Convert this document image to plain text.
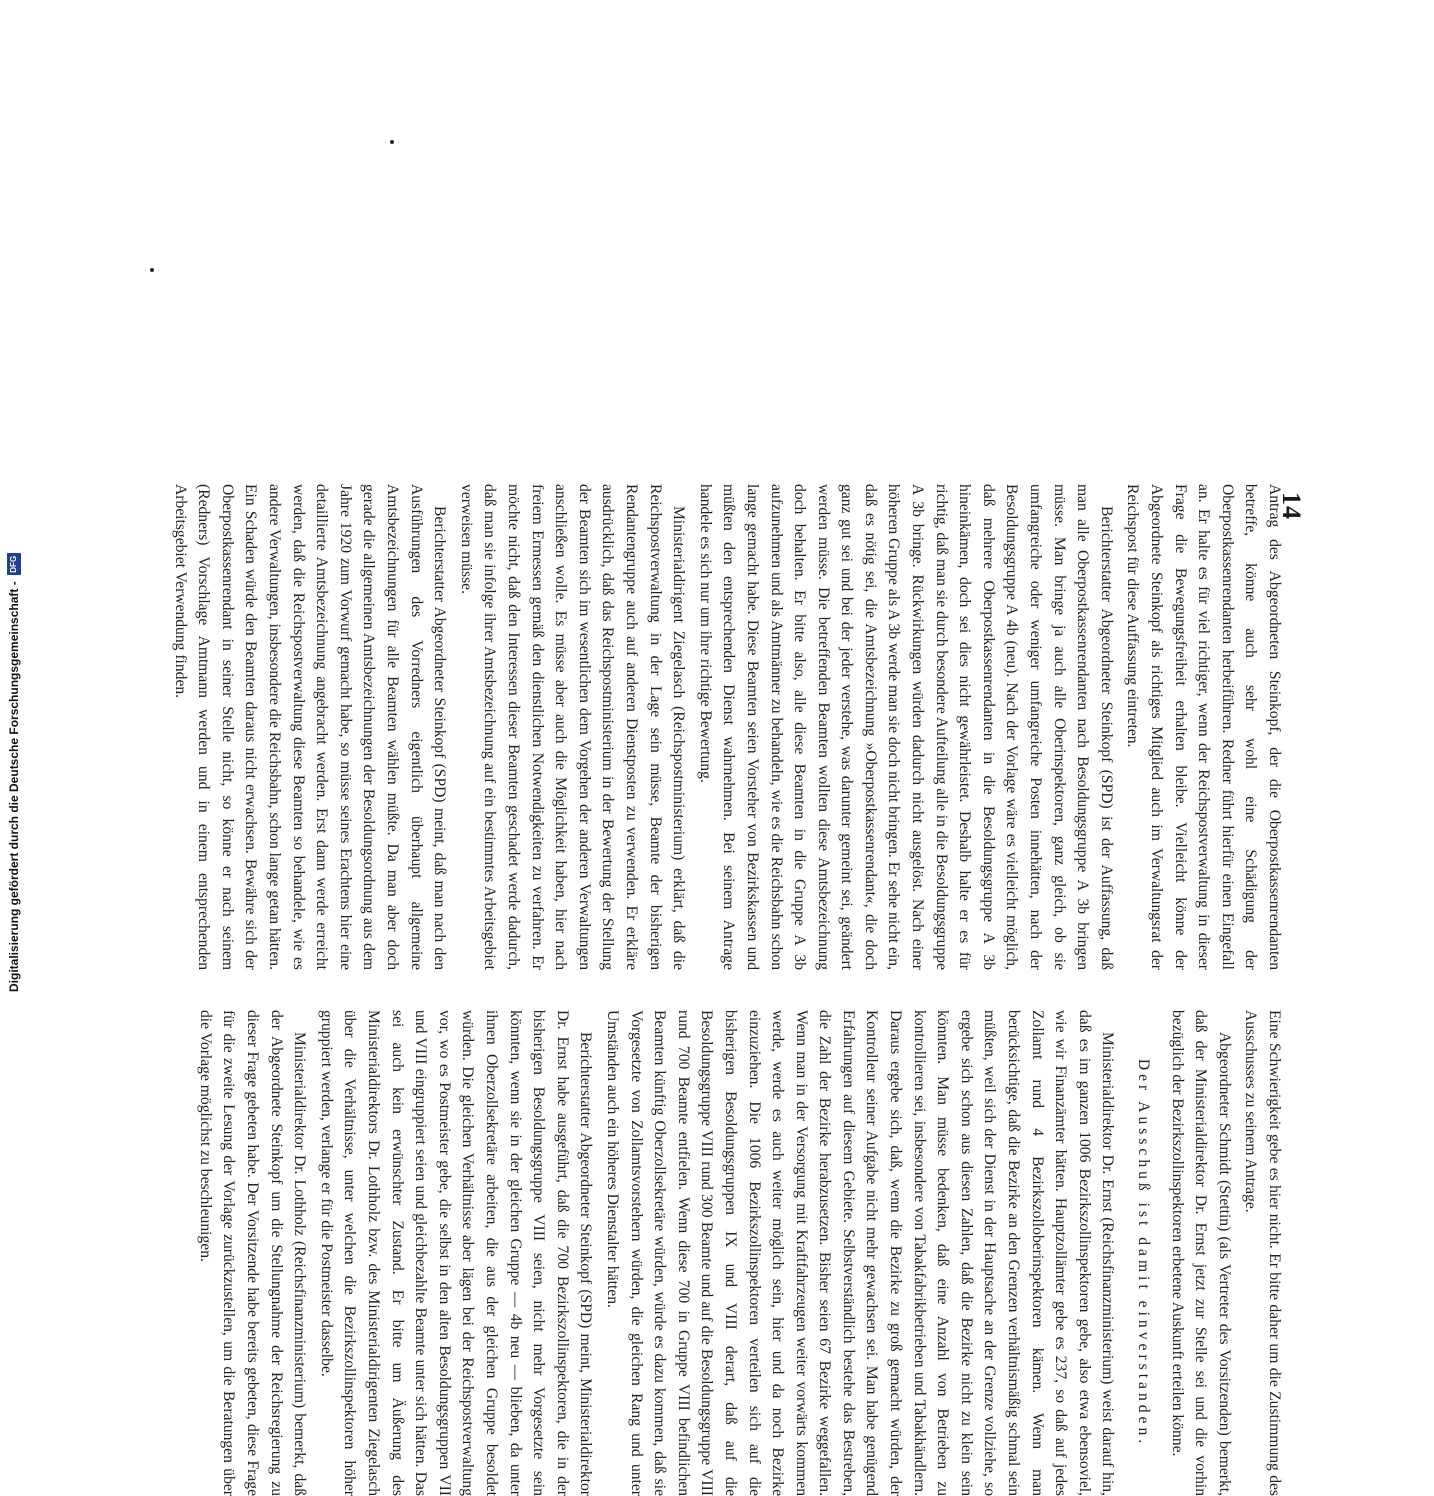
14

Antrag des Abgeordneten Steinkopf, der die Oberpostkassenrendanten betreffe, könne auch sehr wohl eine Schädigung der Oberpostkassenrendanten herbeiführen. Redner führt hierfür einen Eingefall an. Er halte es für viel richtiger, wenn der Reichspostverwaltung in dieser Frage die Bewegungsfreiheit erhalten bleibe. Vielleicht könne der Abgeordnete Steinkopf als richtiges Mitglied auch im Verwaltungsrat der Reichspost für diese Auffassung eintreten.

Berichterstatter Abgeordneter Steinkopf (SPD) ist der Auffassung, daß man alle Oberpostkassenrendanten nach Besoldungsgruppe A 3b bringen müsse. Man bringe ja auch alle Oberinspektoren, ganz gleich, ob sie umfangreiche oder weniger umfangreiche Posten innehätten, nach der Besoldungsgruppe A 4b (neu). Nach der Vorlage wäre es vielleicht möglich, daß mehrere Oberpostkassenrendanten in die Besoldungsgruppe A 3b hineinkämen, doch sei dies nicht gewährleistet. Deshalb halte er es für richtig, daß man sie durch besondere Aufteilung alle in die Besoldungsgruppe A 3b bringe. Rückwirkungen würden dadurch nicht ausgelöst. Nach einer höheren Gruppe als A 3b werde man sie doch nicht bringen. Er sehe nicht ein, daß es nötig sei, die Amtsbezeichnung »Oberpostkassenrendant«, die doch ganz gut sei und bei der jeder verstehe, was darunter gemeint sei, geändert werden müsse. Die betreffenden Beamten wollten diese Amtsbezeichnung doch behalten. Er bitte also, alle diese Beamten in die Gruppe A 3b aufzunehmen und als Amtmänner zu behandeln, wie es die Reichsbahn schon lange gemacht habe. Diese Beamten seien Vorsteher von Bezirkskassen und müßten den entsprechenden Dienst wahrnehmen. Bei seinem Antrage handele es sich nur um ihre richtige Bewertung.

Ministerialdirigent Ziegelasch (Reichspostministerium) erklärt, daß die Reichspostverwaltung in der Lage sein müsse, Beamte der bisherigen Rendantengruppe auch auf anderen Dienstposten zu verwenden. Er erkläre ausdrücklich, daß das Reichspostministerium in der Bewertung der Stellung der Beamten sich im wesentlichen dem Vorgehen der anderen Verwaltungen anschließen wolle. Es müsse aber auch die Möglichkeit haben, hier nach freiem Ermessen gemäß den dienstlichen Notwendigkeiten zu verfahren. Er möchte nicht, daß den Interessen dieser Beamten geschadet werde dadurch, daß man sie infolge ihrer Amtsbezeichnung auf ein bestimmtes Arbeitsgebiet verweisen müsse.

Berichterstatter Abgeordneter Steinkopf (SPD) meint, daß man nach den Ausführungen des Vorredners eigentlich überhaupt allgemeine Amtsbezeichnungen für alle Beamten wählen müßte. Da man aber doch gerade die allgemeinen Amtsbezeichnungen der Besoldungsordnung aus dem Jahre 1920 zum Vorwurf gemacht habe, so müsse seines Erachtens hier eine detaillierte Amtsbezeichnung angebracht werden. Erst dann werde erreicht werden, daß die Reichspostverwaltung diese Beamten so behandele, wie es andere Verwaltungen, insbesondere die Reichsbahn, schon lange getan hätten. Ein Schaden würde den Beamten daraus nicht erwachsen. Bewähre sich der Oberpostkassenrendant in seiner Stelle nicht, so könne er nach seinem (Redners) Vorschlage Amtmann werden und in einem entsprechenden Arbeitsgebiet Verwendung finden.

Eine Schwierigkeit gebe es hier nicht. Er bitte daher um die Zustimmung des Ausschusses zu seinem Antrage.

Abgeordneter Schmidt (Stettin) (als Vertreter des Vorsitzenden) bemerkt, daß der Ministerialdirektor Dr. Ernst jetzt zur Stelle sei und die vorhin bezüglich der Bezirkszollinspektoren erbetene Auskunft erteilen könne.

Der Ausschuß ist damit einverstanden.

Ministerialdirektor Dr. Ernst (Reichsfinanzministerium) weist darauf hin, daß es im ganzen 1006 Bezirkszollinspektoren gebe, also etwa ebensoviel, wie wir Finanzämter hätten. Hauptzollämter gebe es 237, so daß auf jedes Zollamt rund 4 Bezirkszolloberinspektoren kämen. Wenn man berücksichtige, daß die Bezirke an den Grenzen verhältnismäßig schmal sein müßten, weil sich der Dienst in der Hauptsache an der Grenze vollziehe, so ergebe sich schon aus diesen Zahlen, daß die Bezirke nicht zu klein sein könnten. Man müsse bedenken, daß eine Anzahl von Betrieben zu kontrollieren sei, insbesondere von Tabakfabrikbetrieben und Tabakhändlern. Daraus ergebe sich, daß, wenn die Bezirke zu groß gemacht würden, der Kontrolleur seiner Aufgabe nicht mehr gewachsen sei. Man habe genügend Erfahrungen auf diesem Gebiete. Selbstverständlich bestehe das Bestreben, die Zahl der Bezirke herabzusetzen. Bisher seien 67 Bezirke weggefallen. Wenn man in der Versorgung mit Kraftfahrzeugen weiter vorwärts kommen werde, werde es auch weiter möglich sein, hier und da noch Bezirke einzuziehen. Die 1006 Bezirkszollinspektoren verteilen sich auf die bisherigen Besoldungsgruppen IX und VIII derart, daß auf die Besoldungsgruppe VIII rund 300 Beamte und auf die Besoldungsgruppe VIII rund 700 Beamte entfielen. Wenn diese 700 in Gruppe VIII befindlichen Beamten künftig Oberzollsekretäre würden, würde es dazu kommen, daß sie Vorgesetzte von Zollamtsvorstehern würden, die gleichen Rang und unter Umständen auch ein höheres Dienstalter hätten.

Berichterstatter Abgeordneter Steinkopf (SPD) meint, Ministerialdirektor Dr. Ernst habe ausgeführt, daß die 700 Bezirkszollinspektoren, die in der bisherigen Besoldungsgruppe VIII seien, nicht mehr Vorgesetzte sein könnten, wenn sie in der gleichen Gruppe — 4b neu — blieben, da unter ihnen Oberzollsekretäre arbeiten, die aus der gleichen Gruppe besoldet würden. Die gleichen Verhältnisse aber lägen bei der Reichspostverwaltung vor, wo es Postmeister gebe, die selbst in den alten Besoldungsgruppen VII und VIII eingruppiert seien und gleichbezahlte Beamte unter sich hätten. Das sei auch kein erwünschter Zustand. Er bitte um Äußerung des Ministerialdirektors Dr. Lothholz bzw. des Ministerialdirigenten Ziegelasch über die Verhältnisse, unter welchen die Bezirkszollinspektoren höher gruppiert werden, verlange er für die Postmeister dasselbe.

Ministerialdirektor Dr. Lothholz (Reichsfinanzministerium) bemerkt, daß der Abgeordnete Steinkopf um die Stellungnahme der Reichsregierung zu dieser Frage gebeten habe. Der Vorsitzende habe bereits gebeten, diese Frage für die zweite Lesung der Vorlage zurückzustellen, um die Beratungen über die Vorlage möglichst zu beschleunigen.

Digitalisierung gefördert durch die Deutsche Forschungsgemeinschaft -
DFG
